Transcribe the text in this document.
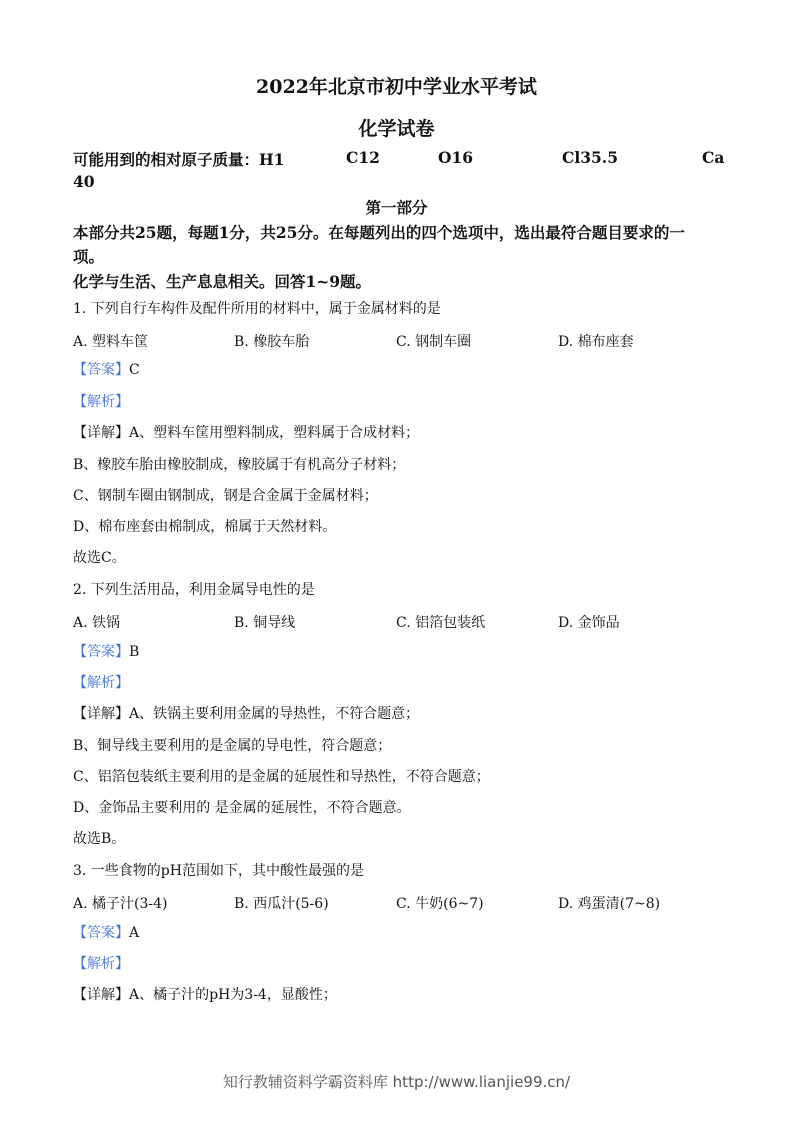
2022年北京市初中学业水平考试
化学试卷
可能用到的相对原子质量：H1	C12	O16	Cl35.5	Ca
40
第一部分
本部分共25题，每题1分，共25分。在每题列出的四个选项中，选出最符合题目要求的一
项。
化学与生活、生产息息相关。回答1~9题。
1. 下列自行车构件及配件所用的材料中，属于金属材料的是
A. 塑料车筐	B. 橡胶车胎	C. 钢制车圈	D. 棉布座套
【答案】C
【解析】
【详解】A、塑料车筐用塑料制成，塑料属于合成材料；
B、橡胶车胎由橡胶制成，橡胶属于有机高分子材料；
C、钢制车圈由钢制成，钢是合金属于金属材料；
D、棉布座套由棉制成，棉属于天然材料。
故选C。
2. 下列生活用品，利用金属导电性的是
A. 铁锅	B. 铜导线	C. 铝箔包装纸	D. 金饰品
【答案】B
【解析】
【详解】A、铁锅主要利用金属的导热性，不符合题意；
B、铜导线主要利用的是金属的导电性，符合题意；
C、铝箔包装纸主要利用的是金属的延展性和导热性，不符合题意；
D、金饰品主要利用的 是金属的延展性，不符合题意。
故选B。
3. 一些食物的pH范围如下，其中酸性最强的是
A. 橘子汁(3-4)	B. 西瓜汁(5-6)	C. 牛奶(6~7)	D. 鸡蛋清(7~8)
【答案】A
【解析】
【详解】A、橘子汁的pH为3-4，显酸性；
知行教辅资料学霸资料库 http://www.lianjie99.cn/
